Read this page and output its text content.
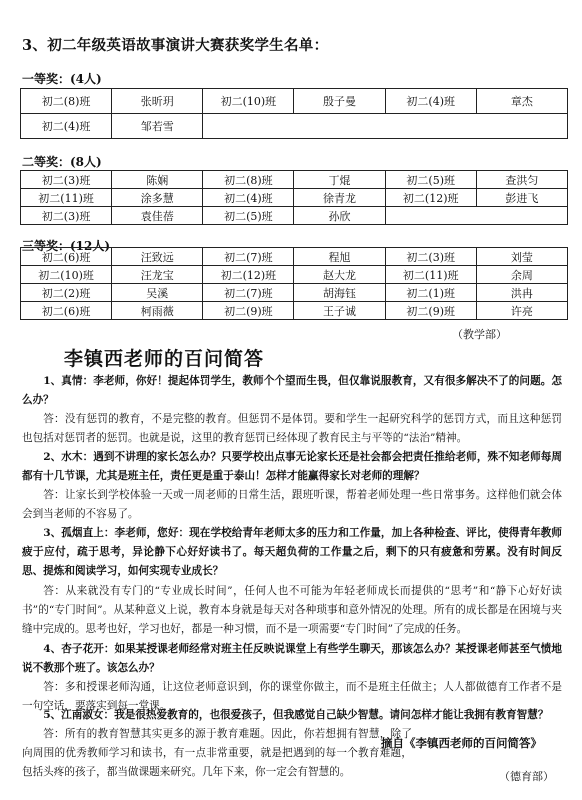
3、初二年级英语故事演讲大赛获奖学生名单：
一等奖：(4人)
初二(8)班	张昕玥	初二(10)班	殷子曼	初二(4)班	章杰
初二(4)班	邹若雪				
二等奖：(8人)
初二(3)班	陈娴	初二(8)班	丁焜	初二(5)班	查洪匀
初二(11)班	涂多慧	初二(4)班	徐青龙	初二(12)班	彭进飞
初二(3)班	袁佳蓓	初二(5)班	孙欣		
三等奖：(12人)
初二(6)班	汪致远	初二(7)班	程旭	初二(3)班	刘莹
初二(10)班	汪龙宝	初二(12)班	赵大龙	初二(11)班	余周
初二(2)班	吴溪	初二(7)班	胡海钰	初二(1)班	洪冉
初二(6)班	柯雨薇	初二(9)班	王子诚	初二(9)班	许亮
（教学部）
李镇西老师的百问简答

1、真情：李老师，你好！提起体罚学生，教师个个望而生畏，但仅靠说服教育，又有很多解决不了的问题。怎么办？

答：没有惩罚的教育，不是完整的教育。但惩罚不是体罚。要和学生一起研究科学的惩罚方式，而且这种惩罚也包括对惩罚者的惩罚。也就是说，这里的教育惩罚已经体现了教育民主与平等的“法治”精神。

2、水木：遇到不讲理的家长怎么办？只要学校出点事无论家长还是社会都会把责任推给老师，殊不知老师每周都有十几节课，尤其是班主任，责任更是重于泰山！怎样才能赢得家长对老师的理解？

答：让家长到学校体验一天或一周老师的日常生活，跟班听课，帮着老师处理一些日常事务。这样他们就会体会到当老师的不容易了。

3、孤烟直上：李老师，您好：现在学校给青年老师太多的压力和工作量，加上各种检查、评比，使得青年教师疲于应付，疏于思考，异论静下心好好读书了。每天超负荷的工作量之后，剩下的只有疲惫和劳累。没有时间反思、提炼和阅读学习，如何实现专业成长？

答：从来就没有专门的“专业成长时间”，任何人也不可能为年轻老师成长而提供的“思考”和“静下心好好读书”的“专门时间”。从某种意义上说，教育本身就是每天对各种琐事和意外情况的处理。所有的成长都是在困境与夹缝中完成的。思考也好，学习也好，都是一种习惯，而不是一项需要“专门时间”了完成的任务。

4、杏子花开：如果某授课老师经常对班主任反映说课堂上有些学生聊天，那该怎么办？某授课老师甚至气愤地说不教那个班了。该怎么办？

答：多和授课老师沟通，让这位老师意识到，你的课堂你做主，而不是班主任做主；人人都做德育工作者不是一句空话，要落实到每一堂课。

5、江南淑女：我是很热爱教育的，也很爱孩子，但我感觉自己缺少智慧。请问怎样才能让我拥有教育智慧？

答：所有的教育智慧其实更多的源于教育难题。因此，你若想拥有智慧，除了向周围的优秀教师学习和读书，有一点非常重要，就是把遇到的每一个教育难题，包括头疼的孩子，都当做课题来研究。几年下来，你一定会有智慧的。

摘自《李镇西老师的百问简答》
（德育部）
